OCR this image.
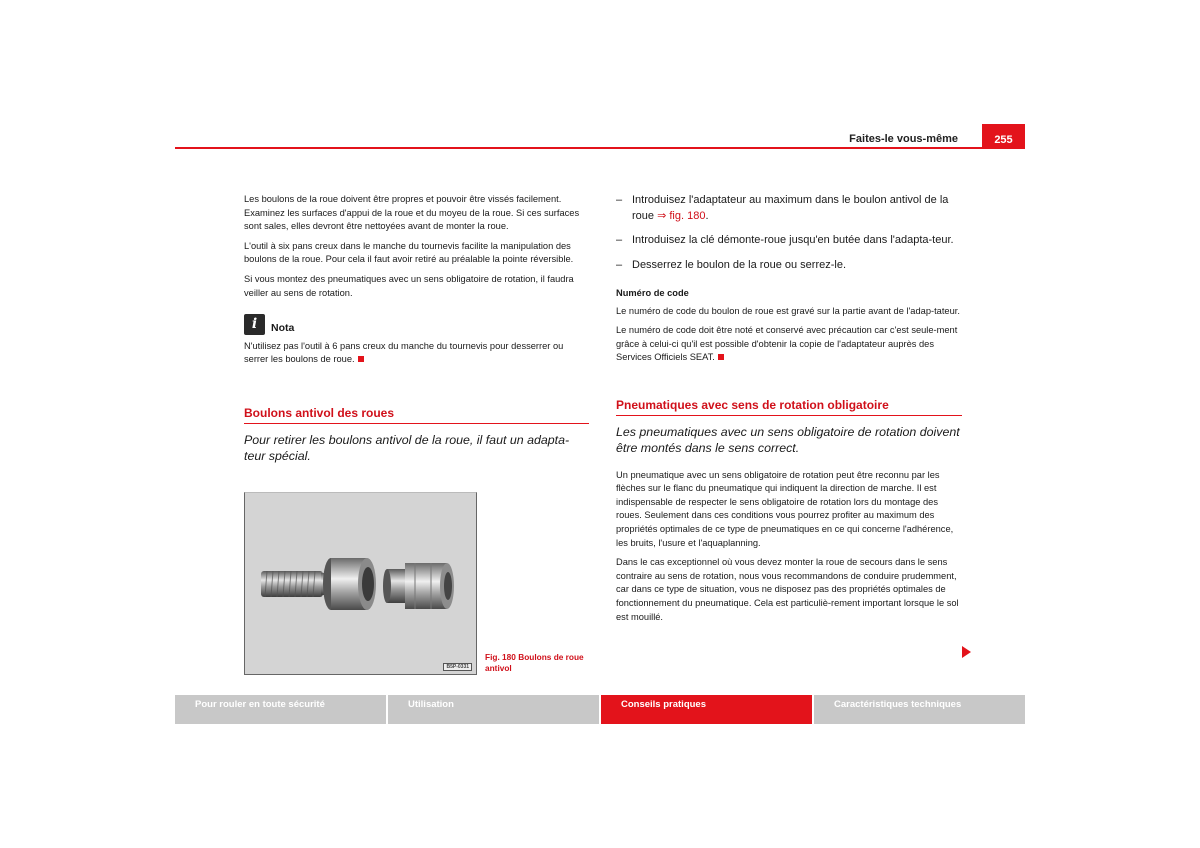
Faites-le vous-même	255

Les boulons de la roue doivent être propres et pouvoir être vissés facilement. Examinez les surfaces d'appui de la roue et du moyeu de la roue. Si ces surfaces sont sales, elles devront être nettoyées avant de monter la roue.

L'outil à six pans creux dans le manche du tournevis facilite la manipulation des boulons de la roue. Pour cela il faut avoir retiré au préalable la pointe réversible.

Si vous montez des pneumatiques avec un sens obligatoire de rotation, il faudra veiller au sens de rotation.

i	Nota

N'utilisez pas l'outil à 6 pans creux du manche du tournevis pour desserrer ou serrer les boulons de roue.

Boulons antivol des roues
Pour retirer les boulons antivol de la roue, il faut un adapta-teur spécial.
B5P-0331
Fig. 180 Boulons de roue antivol
– Introduisez l'adaptateur au maximum dans le boulon antivol de la roue ⇒ fig. 180.
– Introduisez la clé démonte-roue jusqu'en butée dans l'adapta-teur.
– Desserrez le boulon de la roue ou serrez-le.
Numéro de code

Le numéro de code du boulon de roue est gravé sur la partie avant de l'adap-tateur.

Le numéro de code doit être noté et conservé avec précaution car c'est seule-ment grâce à celui-ci qu'il est possible d'obtenir la copie de l'adaptateur auprès des Services Officiels SEAT.

Pneumatiques avec sens de rotation obligatoire
Les pneumatiques avec un sens obligatoire de rotation doivent être montés dans le sens correct.

Un pneumatique avec un sens obligatoire de rotation peut être reconnu par les flèches sur le flanc du pneumatique qui indiquent la direction de marche. Il est indispensable de respecter le sens obligatoire de rotation lors du montage des roues. Seulement dans ces conditions vous pourrez profiter au maximum des propriétés optimales de ce type de pneumatiques en ce qui concerne l'adhérence, les bruits, l'usure et l'aquaplanning.

Dans le cas exceptionnel où vous devez monter la roue de secours dans le sens contraire au sens de rotation, nous vous recommandons de conduire prudemment, car dans ce type de situation, vous ne disposez pas des propriétés optimales de fonctionnement du pneumatique. Cela est particuliè-rement important lorsque le sol est mouillé.

Pour rouler en toute sécurité	Utilisation	Conseils pratiques	Caractéristiques techniques
